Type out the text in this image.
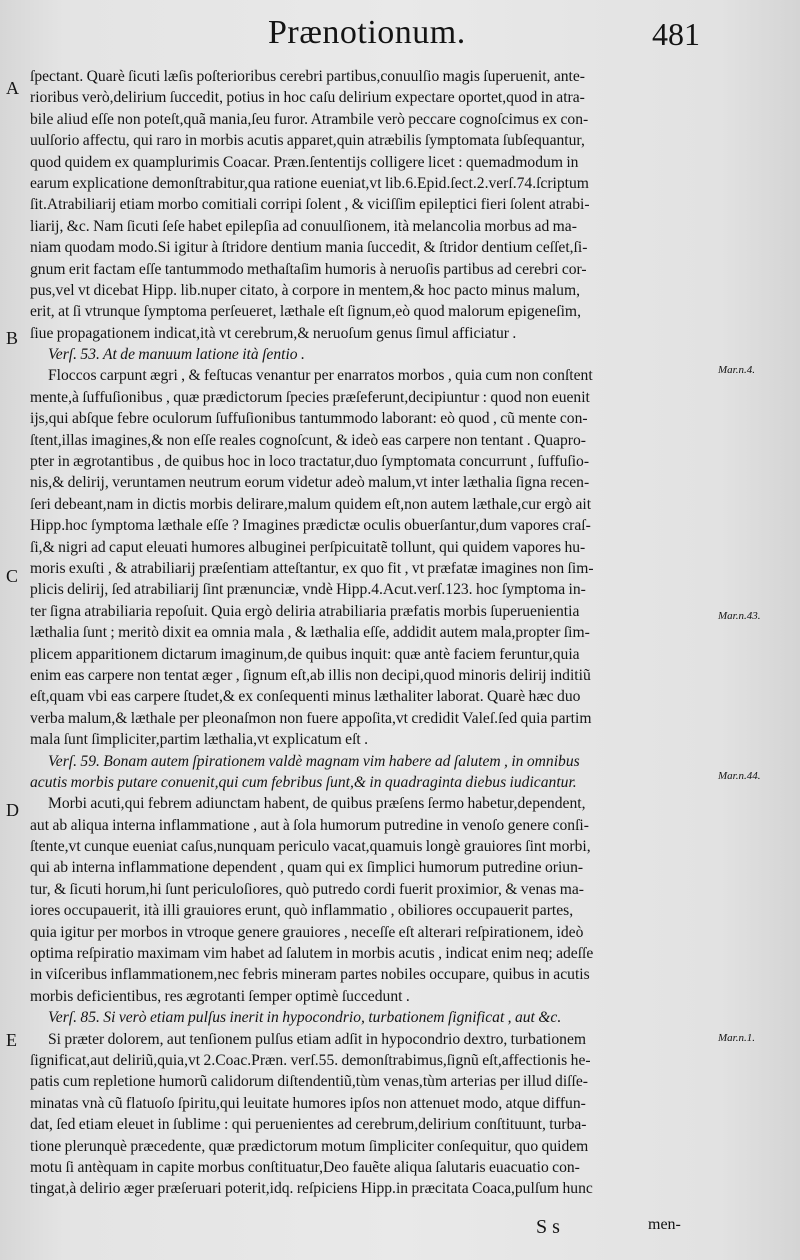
Prænotionum.	481
A
B
C
D
E
Mar.n.4.
Mar.n.43.
Mar.n.44.
Mar.n.1.
ſpectant. Quarè ſicuti læſis poſterioribus cerebri partibus,conuulſio magis ſuperuenit, ante-
rioribus verò,delirium ſuccedit, potius in hoc caſu delirium expectare oportet,quod in atra-
bile aliud eſſe non poteſt,quã mania,ſeu furor. Atrambile verò peccare cognoſcimus ex con-
uulſorio affectu, qui raro in morbis acutis apparet,quin atræbilis ſymptomata ſubſequantur,
quod quidem ex quamplurimis Coacar. Præn.ſententijs colligere licet : quemadmodum in
earum explicatione demonſtrabitur,qua ratione eueniat,vt lib.6.Epid.ſect.2.verſ.74.ſcriptum
ſit.Atrabiliarij etiam morbo comitiali corripi ſolent , & viciſſim epileptici fieri ſolent atrabi-
liarij, &c. Nam ſicuti ſeſe habet epilepſia ad conuulſionem, ità melancolia morbus ad ma-
niam quodam modo.Si igitur à ſtridore dentium mania ſuccedit, & ſtridor dentium ceſſet,ſi-
gnum erit factam eſſe tantummodo methaſtaſim humoris à neruoſis partibus ad cerebri cor-
pus,vel vt dicebat Hipp. lib.nuper citato, à corpore in mentem,& hoc pacto minus malum,
erit, at ſi vtrunque ſymptoma perſeueret, læthale eſt ſignum,eò quod malorum epigeneſim,
ſiue propagationem indicat,ità vt cerebrum,& neruoſum genus ſimul afficiatur .
Verſ. 53. At de manuum latione ità ſentio .
Floccos carpunt ægri , & feſtucas venantur per enarratos morbos , quia cum non conſtent
mente,à ſuffuſionibus , quæ prædictorum ſpecies præſeferunt,decipiuntur : quod non euenit
ijs,qui abſque febre oculorum ſuffuſionibus tantummodo laborant: eò quod , cũ mente con-
ſtent,illas imagines,& non eſſe reales cognoſcunt, & ideò eas carpere non tentant . Quapro-
pter in ægrotantibus , de quibus hoc in loco tractatur,duo ſymptomata concurrunt , ſuffuſio-
nis,& delirij, veruntamen neutrum eorum videtur adeò malum,vt inter læthalia ſigna recen-
ſeri debeant,nam in dictis morbis delirare,malum quidem eſt,non autem læthale,cur ergò ait
Hipp.hoc ſymptoma læthale eſſe ? Imagines prædictæ oculis obuerſantur,dum vapores craſ-
ſi,& nigri ad caput eleuati humores albuginei perſpicuitatẽ tollunt, qui quidem vapores hu-
moris exuſti , & atrabiliarij præſentiam atteſtantur, ex quo fit , vt præfatæ imagines non ſim-
plicis delirij, ſed atrabiliarij ſint prænunciæ, vndè Hipp.4.Acut.verſ.123. hoc ſymptoma in-
ter ſigna atrabiliaria repoſuit. Quia ergò deliria atrabiliaria præfatis morbis ſuperuenientia
læthalia ſunt ; meritò dixit ea omnia mala , & læthalia eſſe, addidit autem mala,propter ſim-
plicem apparitionem dictarum imaginum,de quibus inquit: quæ antè faciem feruntur,quia
enim eas carpere non tentat æger , ſignum eſt,ab illis non decipi,quod minoris delirij inditiũ
eſt,quam vbi eas carpere ſtudet,& ex conſequenti minus læthaliter laborat. Quarè hæc duo
verba malum,& læthale per pleonaſmon non fuere appoſita,vt credidit Valeſ.ſed quia partim
mala ſunt ſimpliciter,partim læthalia,vt explicatum eſt .
Verſ. 59. Bonam autem ſpirationem valdè magnam vim habere ad ſalutem , in omnibus
acutis morbis putare conuenit,qui cum febribus ſunt,& in quadraginta diebus iudicantur.
Morbi acuti,qui febrem adiunctam habent, de quibus præſens ſermo habetur,dependent,
aut ab aliqua interna inflammatione , aut à ſola humorum putredine in venoſo genere conſi-
ſtente,vt cunque eueniat caſus,nunquam periculo vacat,quamuis longè grauiores ſint morbi,
qui ab interna inflammatione dependent , quam qui ex ſimplici humorum putredine oriun-
tur, & ſicuti horum,hi ſunt periculoſiores, quò putredo cordi fuerit proximior, & venas ma-
iores occupauerit, ità illi grauiores erunt, quò inflammatio , obiliores occupauerit partes,
quia igitur per morbos in vtroque genere grauiores , neceſſe eſt alterari reſpirationem, ideò
optima reſpiratio maximam vim habet ad ſalutem in morbis acutis , indicat enim neq; adeſſe
in viſceribus inflammationem,nec febris mineram partes nobiles occupare, quibus in acutis
morbis deficientibus, res ægrotanti ſemper optimè ſuccedunt .
Verſ. 85. Si verò etiam pulſus inerit in hypocondrio, turbationem ſignificat , aut &c.
Si præter dolorem, aut tenſionem pulſus etiam adſit in hypocondrio dextro, turbationem
ſignificat,aut deliriũ,quia,vt 2.Coac.Præn. verſ.55. demonſtrabimus,ſignũ eſt,affectionis he-
patis cum repletione humorũ calidorum diſtendentiũ,tùm venas,tùm arterias per illud diſſe-
minatas vnà cũ flatuoſo ſpiritu,qui leuitate humores ipſos non attenuet modo, atque diffun-
dat, ſed etiam eleuet in ſublime : qui peruenientes ad cerebrum,delirium conſtituunt, turba-
tione plerunquè præcedente, quæ prædictorum motum ſimpliciter conſequitur, quo quidem
motu ſi antèquam in capite morbus conſtituatur,Deo fauẽte aliqua ſalutaris euacuatio con-
tingat,à delirio æger præſeruari poterit,idq. reſpiciens Hipp.in præcitata Coaca,pulſum hunc
S s	men-
